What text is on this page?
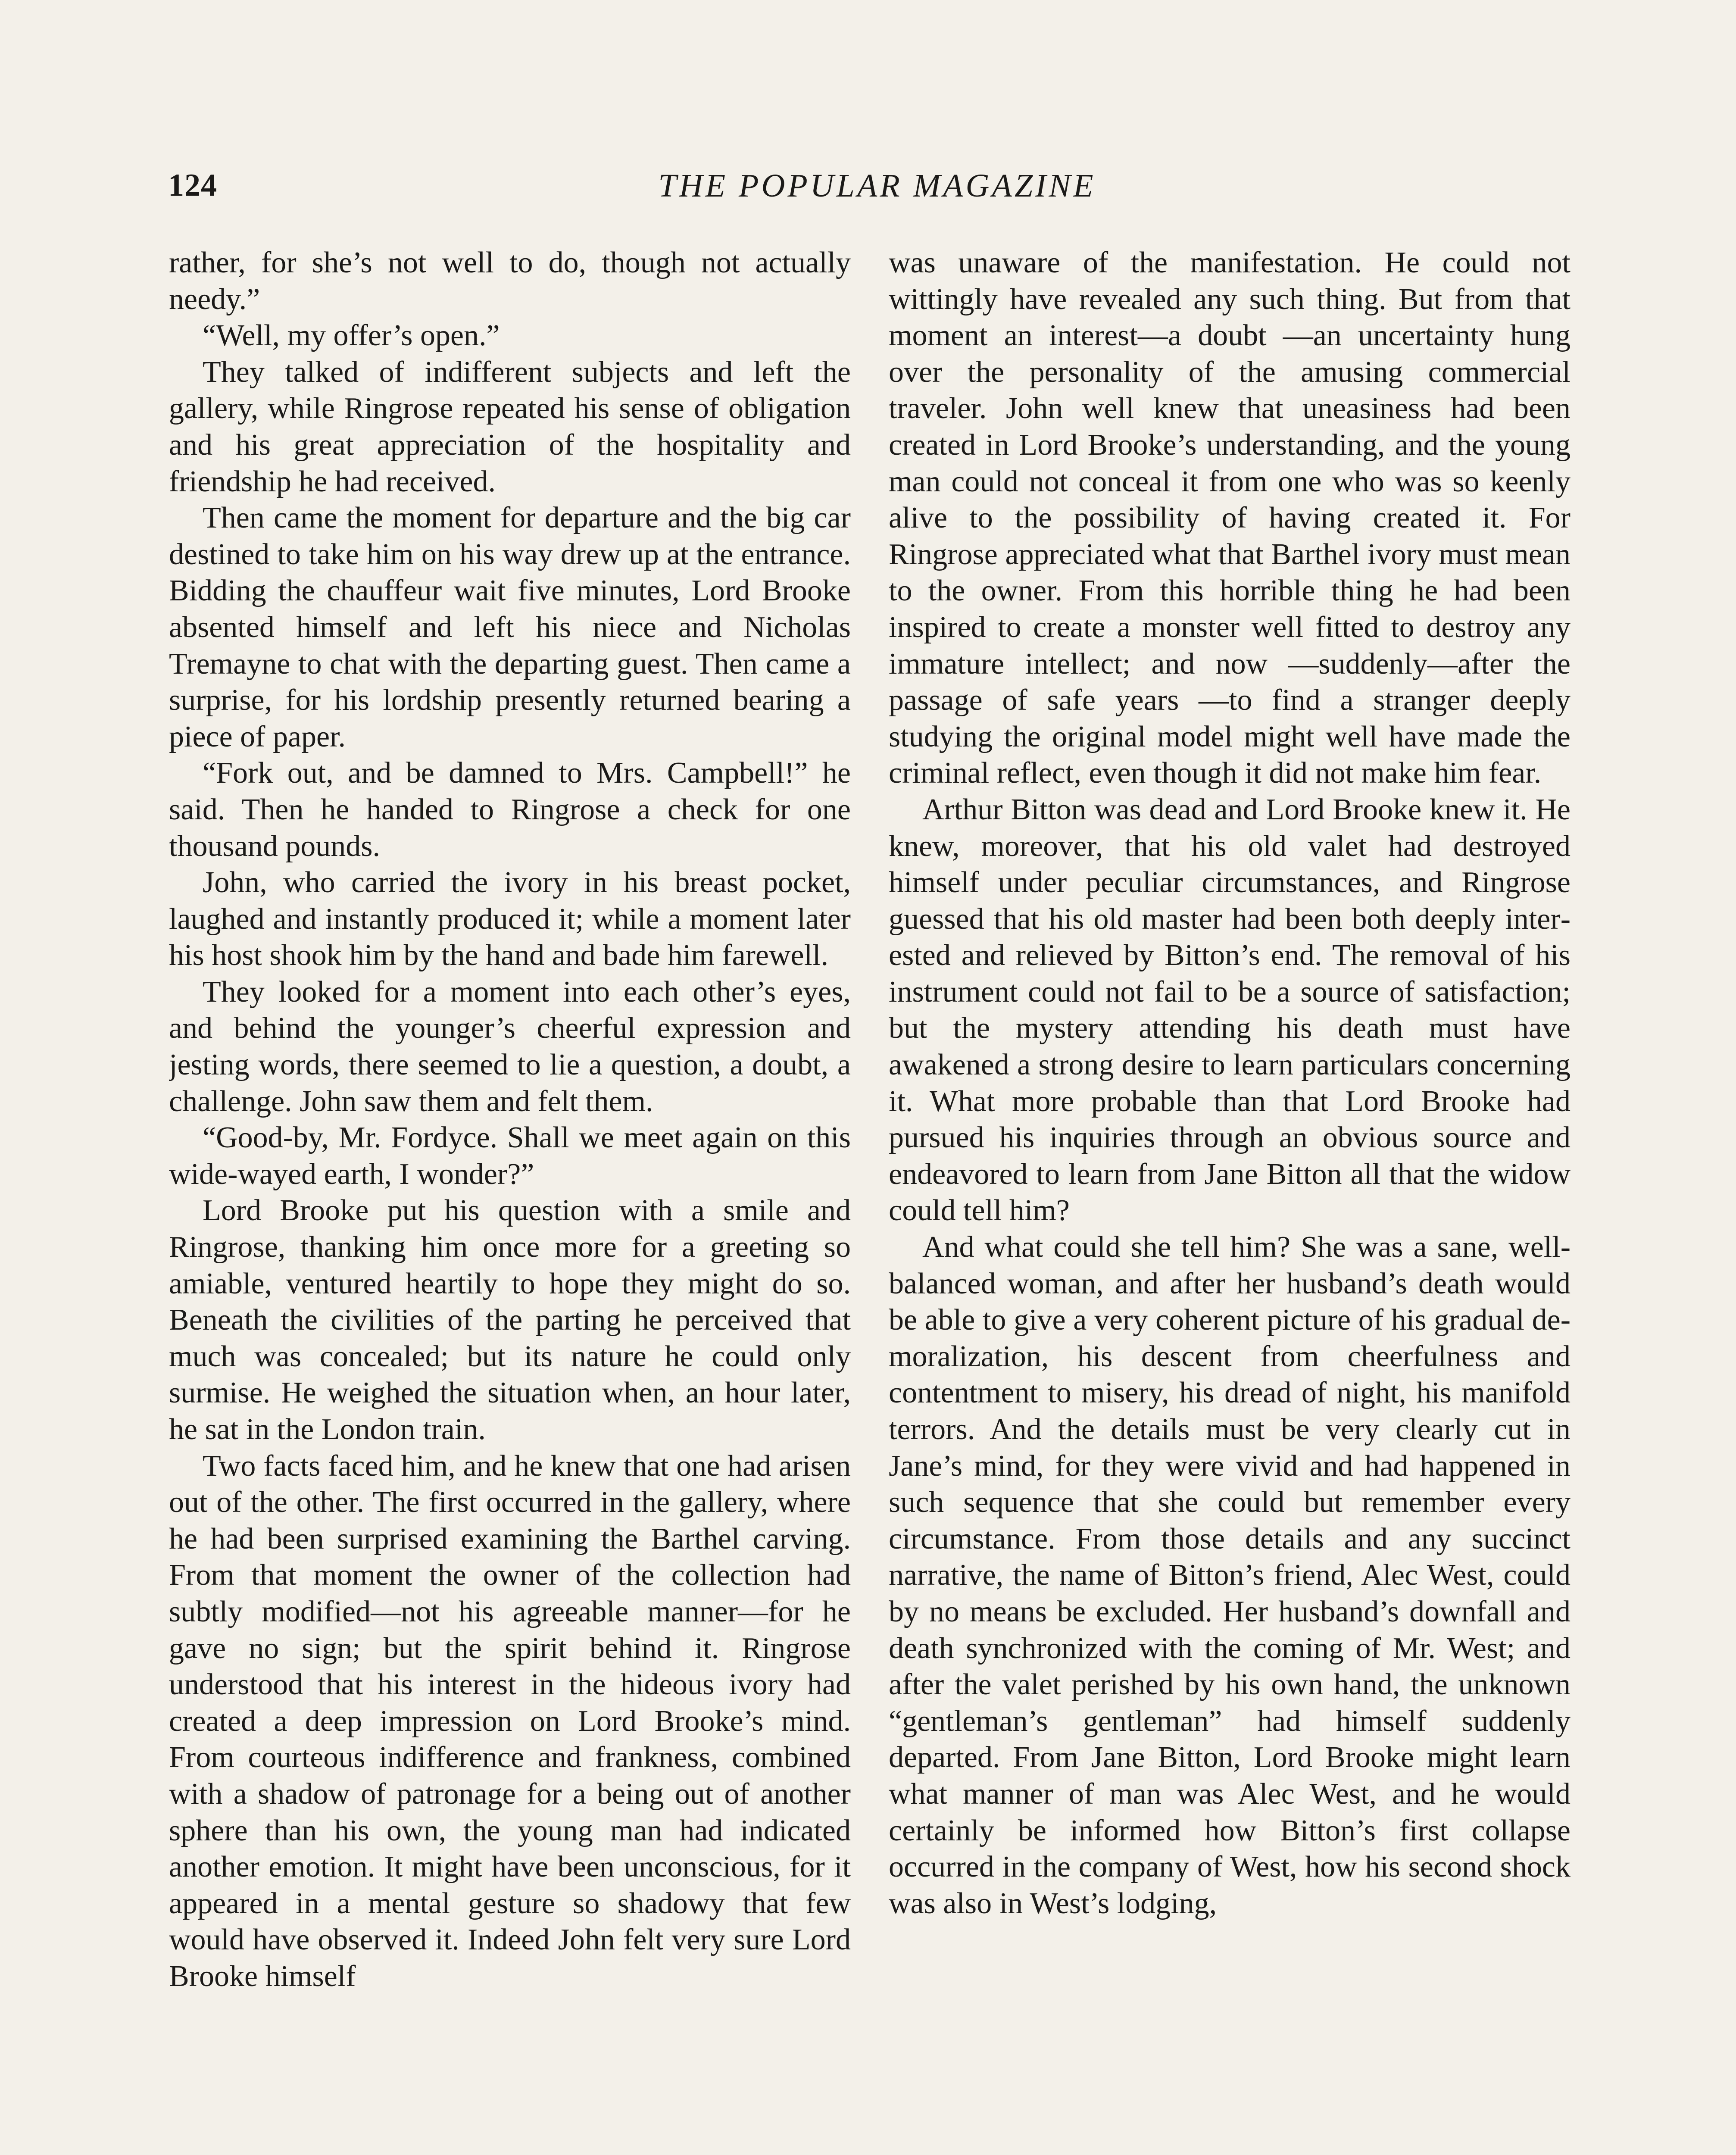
124	THE POPULAR MAGAZINE

rather, for she’s not well to do, though not actually needy.”

“Well, my offer’s open.”

They talked of indifferent subjects and left the gallery, while Ringrose repeated his sense of obligation and his great appreciation of the hospitality and friendship he had received.

Then came the moment for departure and the big car destined to take him on his way drew up at the entrance. Bidding the chauffeur wait five minutes, Lord Brooke absented himself and left his niece and Nicholas Tremayne to chat with the departing guest. Then came a surprise, for his lordship presently returned bearing a piece of paper.

“Fork out, and be damned to Mrs. Campbell!” he said. Then he handed to Ringrose a check for one thousand pounds.

John, who carried the ivory in his breast pocket, laughed and instantly produced it; while a moment later his host shook him by the hand and bade him farewell.

They looked for a moment into each other’s eyes, and behind the younger’s cheerful expression and jesting words, there seemed to lie a question, a doubt, a challenge. John saw them and felt them.

“Good-by, Mr. Fordyce. Shall we meet again on this wide-wayed earth, I wonder?”

Lord Brooke put his question with a smile and Ringrose, thanking him once more for a greeting so amiable, ventured heartily to hope they might do so. Beneath the civilities of the parting he perceived that much was concealed; but its nature he could only surmise. He weighed the situation when, an hour later, he sat in the London train.

Two facts faced him, and he knew that one had arisen out of the other. The first occurred in the gallery, where he had been surprised examining the Barthel carving. From that moment the owner of the collection had subtly modified—not his agreeable manner—for he gave no sign; but the spirit behind it. Ringrose understood that his interest in the hideous ivory had created a deep impression on Lord Brooke’s mind. From courteous indifference and frankness, combined with a shadow of patronage for a being out of another sphere than his own, the young man had indicated another emotion. It might have been unconscious, for it appeared in a mental gesture so shadowy that few would have observed it. Indeed John felt very sure Lord Brooke himself

was unaware of the manifestation. He could not wittingly have revealed any such thing. But from that moment an interest—a doubt —an uncertainty hung over the personality of the amusing commercial traveler. John well knew that uneasiness had been created in Lord Brooke’s understanding, and the young man could not conceal it from one who was so keenly alive to the possibility of having created it. For Ringrose appreciated what that Barthel ivory must mean to the owner. From this horrible thing he had been inspired to create a monster well fitted to destroy any immature intellect; and now —suddenly—after the passage of safe years —to find a stranger deeply studying the original model might well have made the criminal reflect, even though it did not make him fear.

Arthur Bitton was dead and Lord Brooke knew it. He knew, moreover, that his old valet had destroyed himself under peculiar circumstances, and Ringrose guessed that his old master had been both deeply interested and relieved by Bitton’s end. The removal of his instrument could not fail to be a source of satisfaction; but the mystery attending his death must have awakened a strong desire to learn particulars concerning it. What more probable than that Lord Brooke had pursued his inquiries through an obvious source and endeavored to learn from Jane Bitton all that the widow could tell him?

And what could she tell him? She was a sane, well-balanced woman, and after her husband’s death would be able to give a very coherent picture of his gradual demoralization, his descent from cheerfulness and contentment to misery, his dread of night, his manifold terrors. And the details must be very clearly cut in Jane’s mind, for they were vivid and had happened in such sequence that she could but remember every circumstance. From those details and any succinct narrative, the name of Bitton’s friend, Alec West, could by no means be excluded. Her husband’s downfall and death synchronized with the coming of Mr. West; and after the valet perished by his own hand, the unknown “gentleman’s gentleman” had himself suddenly departed. From Jane Bitton, Lord Brooke might learn what manner of man was Alec West, and he would certainly be informed how Bitton’s first collapse occurred in the company of West, how his second shock was also in West’s lodging,
